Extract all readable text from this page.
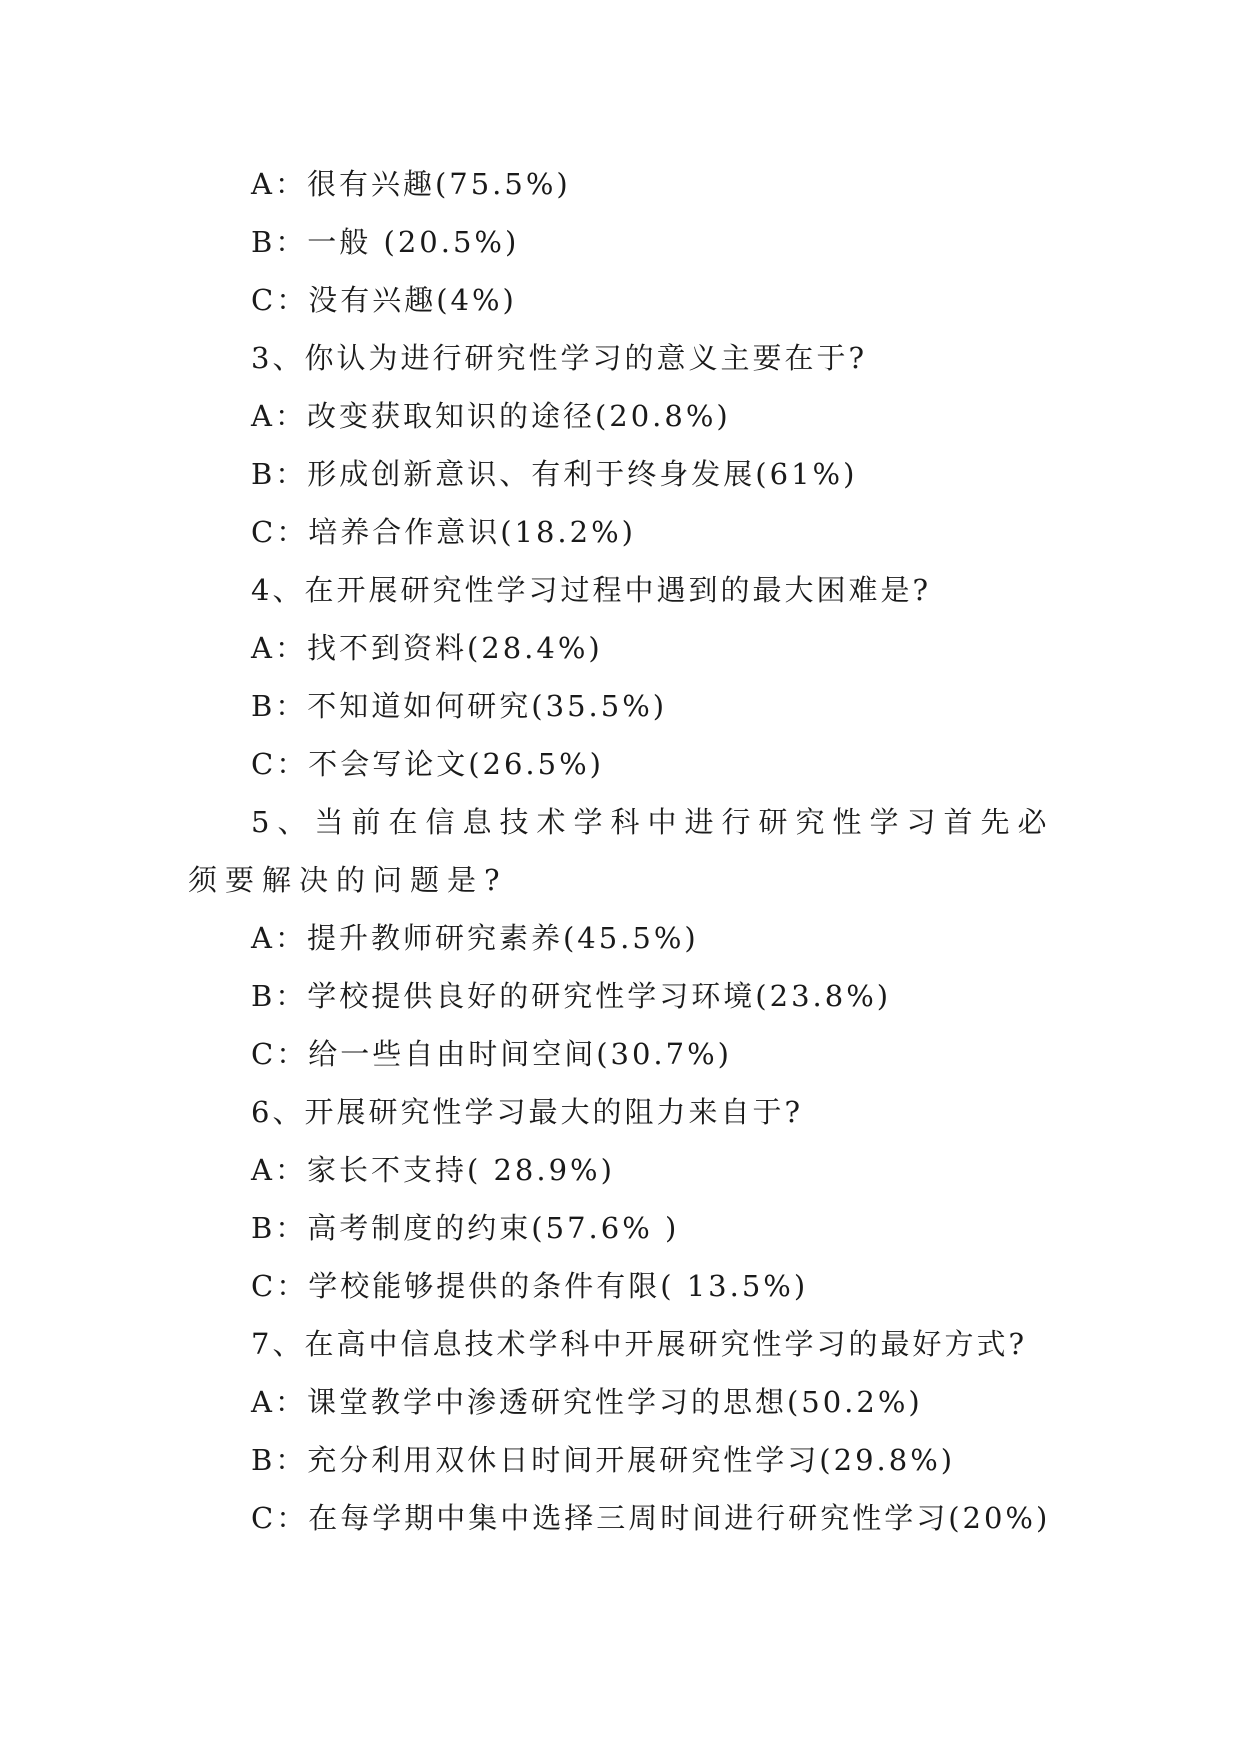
A：很有兴趣(75.5%)
B：一般 (20.5%)
C：没有兴趣(4%)
3、你认为进行研究性学习的意义主要在于?
A：改变获取知识的途径(20.8%)
B：形成创新意识、有利于终身发展(61%)
C：培养合作意识(18.2%)
4、在开展研究性学习过程中遇到的最大困难是?
A：找不到资料(28.4%)
B：不知道如何研究(35.5%)
C：不会写论文(26.5%)
5、当前在信息技术学科中进行研究性学习首先必须要解决的问题是?
A：提升教师研究素养(45.5%)
B：学校提供良好的研究性学习环境(23.8%)
C：给一些自由时间空间(30.7%)
6、开展研究性学习最大的阻力来自于?
A：家长不支持( 28.9%)
B：高考制度的约束(57.6% )
C：学校能够提供的条件有限( 13.5%)
7、在高中信息技术学科中开展研究性学习的最好方式?
A：课堂教学中渗透研究性学习的思想(50.2%)
B：充分利用双休日时间开展研究性学习(29.8%)
C：在每学期中集中选择三周时间进行研究性学习(20%)
